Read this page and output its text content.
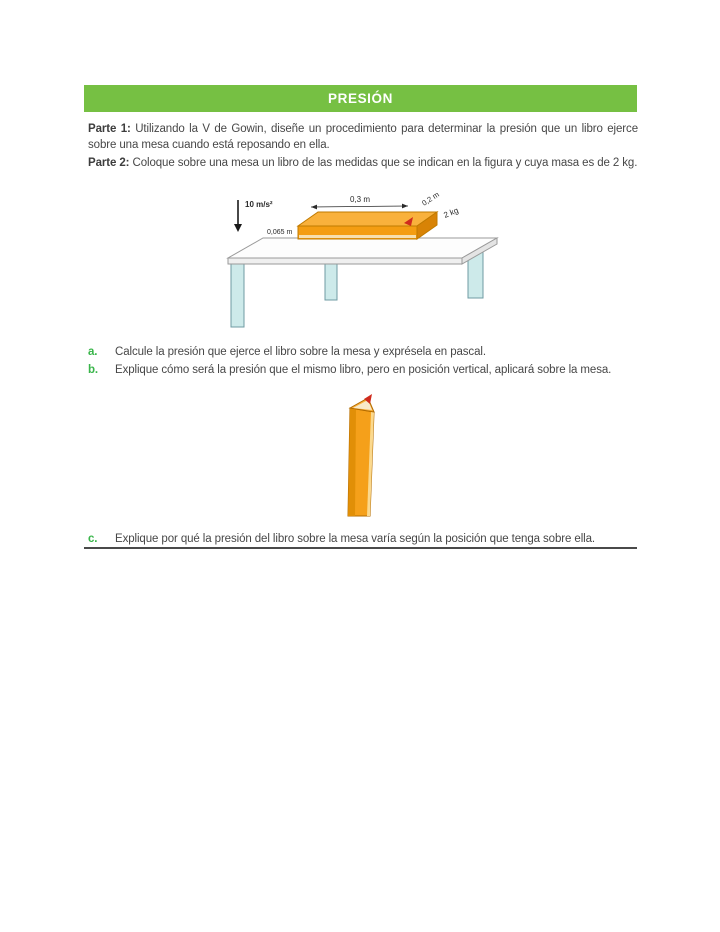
PRESIÓN

Parte 1: Utilizando la V de Gowin, diseñe un procedimiento para determinar la presión que un libro ejerce sobre una mesa cuando está reposando en ella.

Parte 2: Coloque sobre una mesa un libro de las medidas que se indican en la figura y cuya masa es de 2 kg.

10 m/s²
0,3 m	0,2 m
0,065 m
2 kg
a.	Calcule la presión que ejerce el libro sobre la mesa y exprésela en pascal.
b.	Explique cómo será la presión que el mismo libro, pero en posición vertical, aplicará sobre la mesa.
c.	Explique por qué la presión del libro sobre la mesa varía según la posición que tenga sobre ella.
